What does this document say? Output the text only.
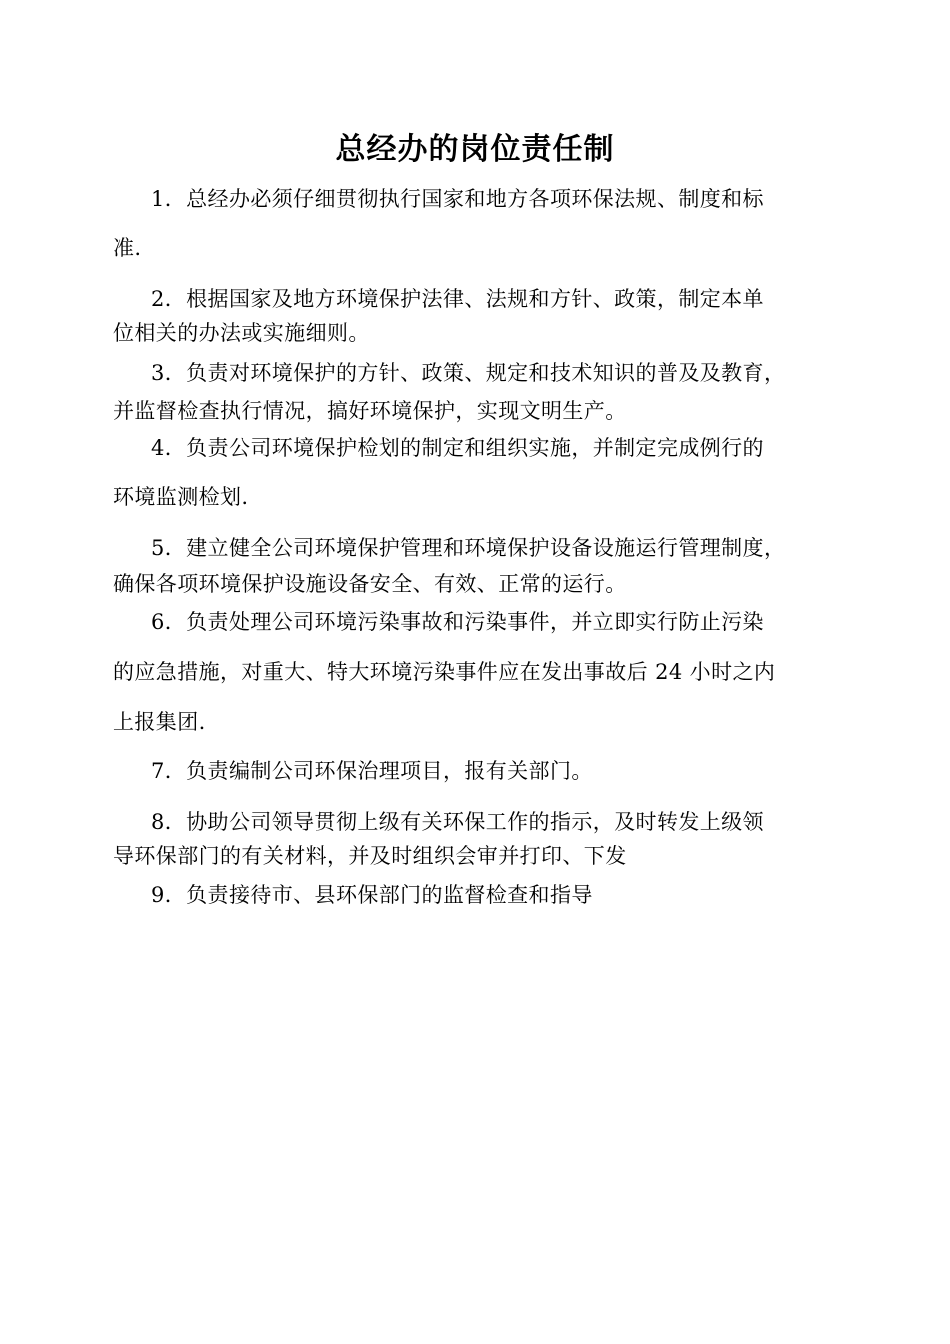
总经办的岗位责任制
1．总经办必须仔细贯彻执行国家和地方各项环保法规、制度和标
准.
2．根据国家及地方环境保护法律、法规和方针、政策，制定本单
位相关的办法或实施细则。
3．负责对环境保护的方针、政策、规定和技术知识的普及及教育，
并监督检查执行情况，搞好环境保护，实现文明生产。
4．负责公司环境保护检划的制定和组织实施，并制定完成例行的
环境监测检划.
5．建立健全公司环境保护管理和环境保护设备设施运行管理制度，
确保各项环境保护设施设备安全、有效、正常的运行。
6．负责处理公司环境污染事故和污染事件，并立即实行防止污染
的应急措施，对重大、特大环境污染事件应在发出事故后 24 小时之内
上报集团.
7．负责编制公司环保治理项目，报有关部门。
8．协助公司领导贯彻上级有关环保工作的指示，及时转发上级领
导环保部门的有关材料，并及时组织会审并打印、下发
9．负责接待市、县环保部门的监督检查和指导
